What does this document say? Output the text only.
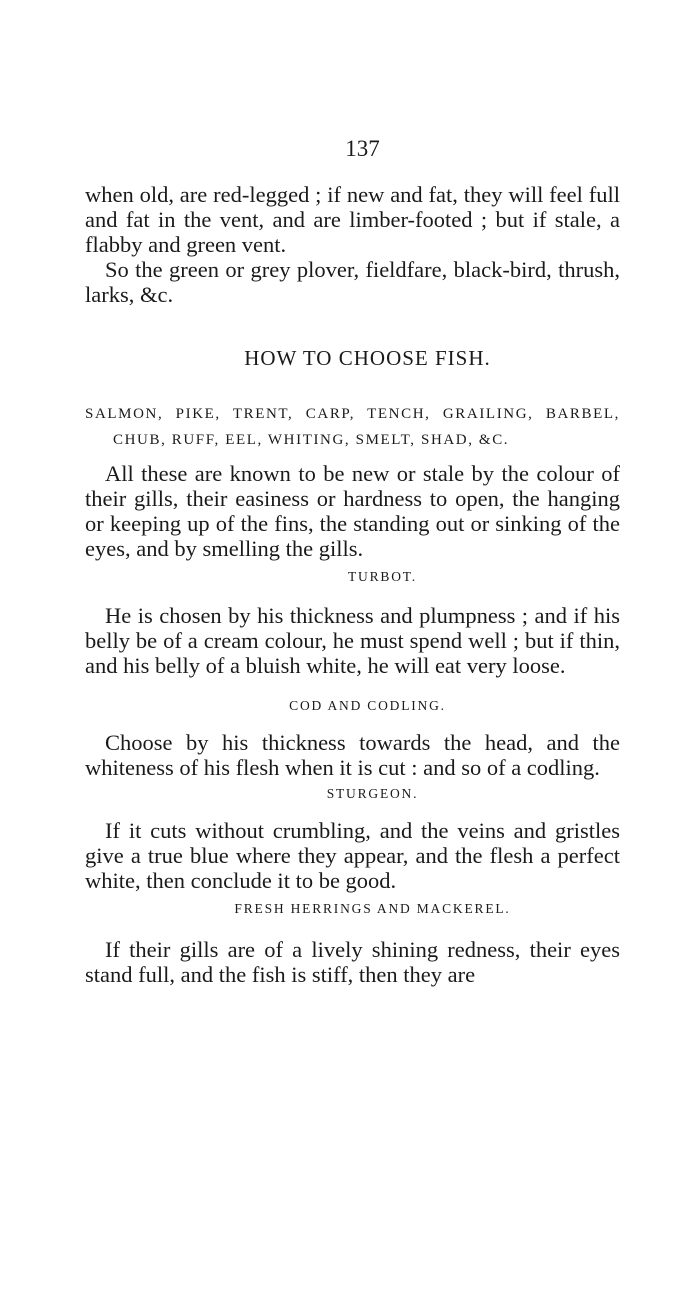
137

when old, are red-legged ; if new and fat, they will feel full and fat in the vent, and are limber-footed ; but if stale, a flabby and green vent.

So the green or grey plover, fieldfare, black-bird, thrush, larks, &c.

HOW TO CHOOSE FISH.
SALMON, PIKE, TRENT, CARP, TENCH, GRAILING, BARBEL, CHUB, RUFF, EEL, WHITING, SMELT, SHAD, &C.

All these are known to be new or stale by the colour of their gills, their easiness or hardness to open, the hanging or keeping up of the fins, the standing out or sinking of the eyes, and by smelling the gills.

TURBOT.

He is chosen by his thickness and plumpness ; and if his belly be of a cream colour, he must spend well ; but if thin, and his belly of a bluish white, he will eat very loose.

COD AND CODLING.

Choose by his thickness towards the head, and the whiteness of his flesh when it is cut : and so of a codling.

STURGEON.

If it cuts without crumbling, and the veins and gristles give a true blue where they appear, and the flesh a perfect white, then conclude it to be good.

FRESH HERRINGS AND MACKEREL.

If their gills are of a lively shining redness, their eyes stand full, and the fish is stiff, then they are
